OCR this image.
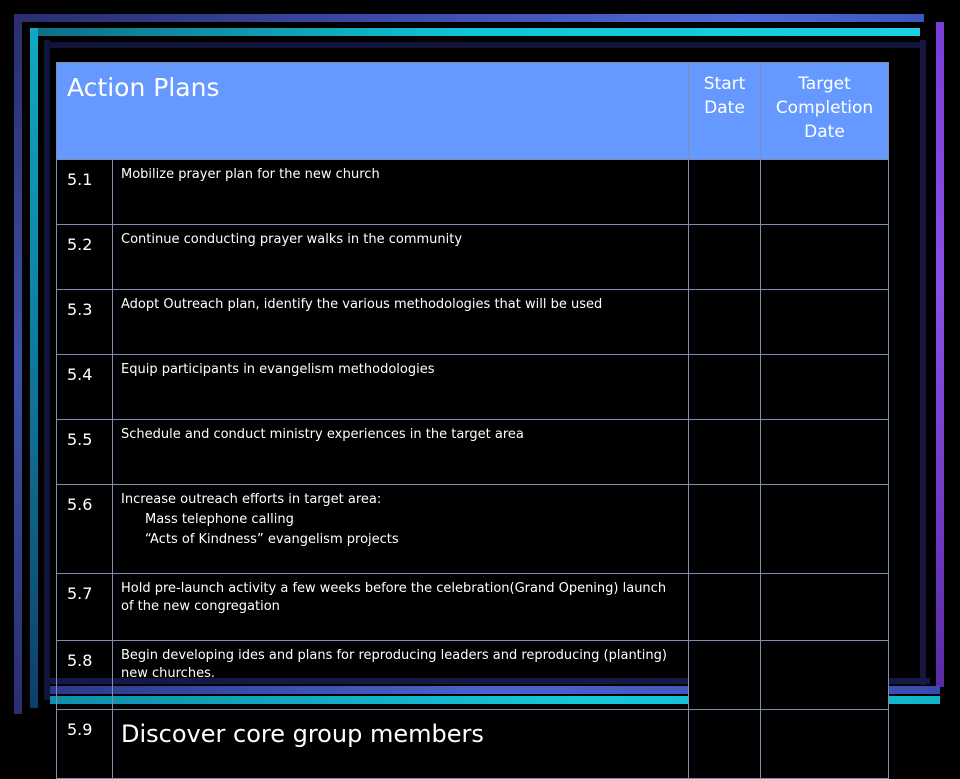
Action Plans		Start Date	Target Completion Date
5.1	Mobilize prayer plan for the new church		
5.2	Continue conducting prayer walks in the community		
5.3	Adopt Outreach plan, identify the various methodologies that will be used		
5.4	Equip participants in evangelism methodologies		
5.5	Schedule and conduct ministry experiences in the target area		
5.6	Increase outreach efforts in target area:
Mass telephone calling
“Acts of Kindness” evangelism projects		

5.7	Hold pre-launch activity a few weeks before the celebration(Grand Opening) launch of the new congregation		
5.8	Begin developing ides and plans for reproducing leaders and reproducing (planting) new churches.		
5.9	Discover core group members		
